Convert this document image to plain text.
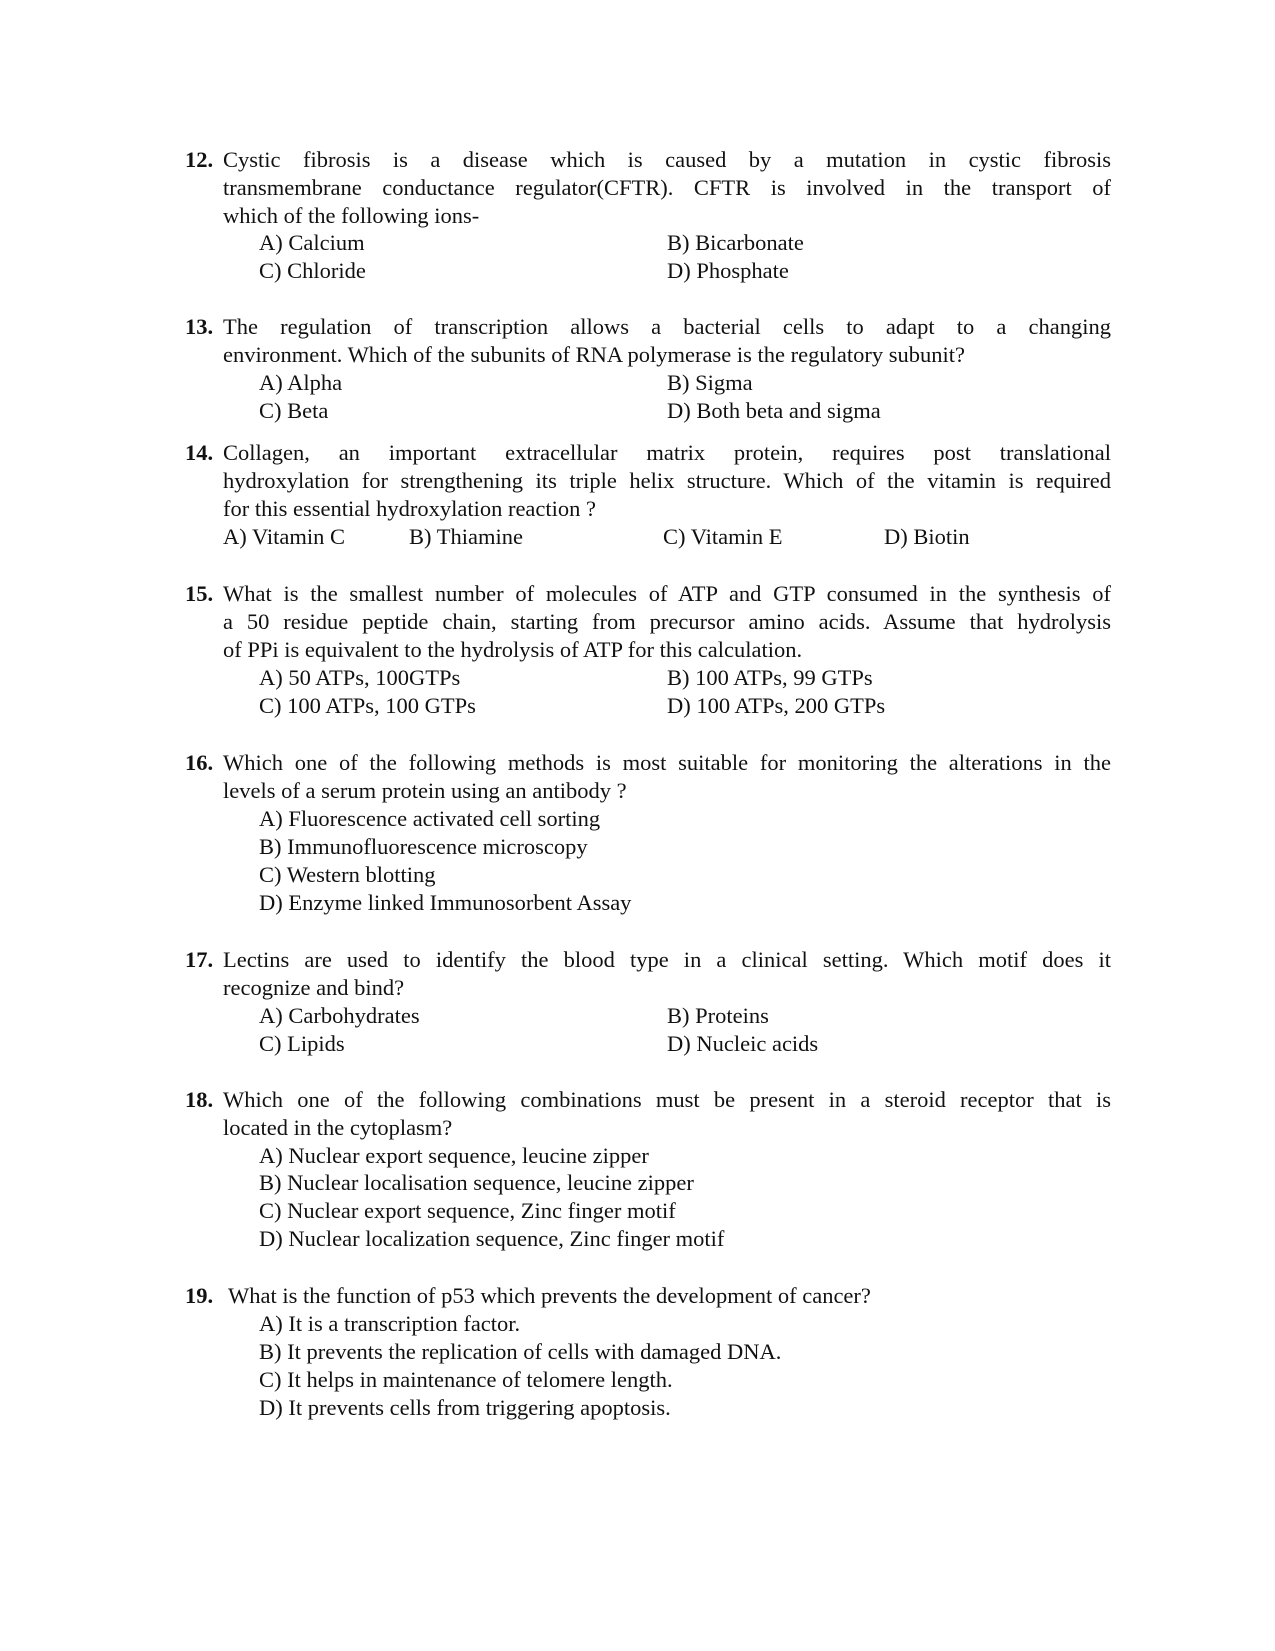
12. Cystic fibrosis is a disease which is caused by a mutation in cystic fibrosis
transmembrane conductance regulator(CFTR). CFTR is involved in the transport of
which of the following ions-
A) Calcium	B) Bicarbonate
C) Chloride	D) Phosphate
13. The regulation of transcription allows a bacterial cells to adapt to a changing
environment. Which of the subunits of RNA polymerase is the regulatory subunit?
A) Alpha	B) Sigma
C) Beta	D) Both beta and sigma
14. Collagen, an important extracellular matrix protein, requires post translational
hydroxylation for strengthening its triple helix structure. Which of the vitamin is required
for this essential hydroxylation reaction ?
A) Vitamin C	B) Thiamine	C) Vitamin E	D) Biotin
15. What is the smallest number of molecules of ATP and GTP consumed in the synthesis of
a 50 residue peptide chain, starting from precursor amino acids. Assume that hydrolysis
of PPi is equivalent to the hydrolysis of ATP for this calculation.
A) 50 ATPs, 100GTPs	B) 100 ATPs, 99 GTPs
C) 100 ATPs, 100 GTPs	D) 100 ATPs, 200 GTPs
16. Which one of the following methods is most suitable for monitoring the alterations in the
levels of a serum protein using an antibody ?
A) Fluorescence activated cell sorting
B) Immunofluorescence microscopy
C) Western blotting
D) Enzyme linked Immunosorbent Assay
17. Lectins are used to identify the blood type in a clinical setting. Which motif does it
recognize and bind?
A) Carbohydrates	B) Proteins
C) Lipids	D) Nucleic acids
18. Which one of the following combinations must be present in a steroid receptor that is
located in the cytoplasm?
A) Nuclear export sequence, leucine zipper
B) Nuclear localisation sequence, leucine zipper
C) Nuclear export sequence, Zinc finger motif
D) Nuclear localization sequence, Zinc finger motif
19. What is the function of p53 which prevents the development of cancer?
A) It is a transcription factor.
B) It prevents the replication of cells with damaged DNA.
C) It helps in maintenance of telomere length.
D) It prevents cells from triggering apoptosis.
